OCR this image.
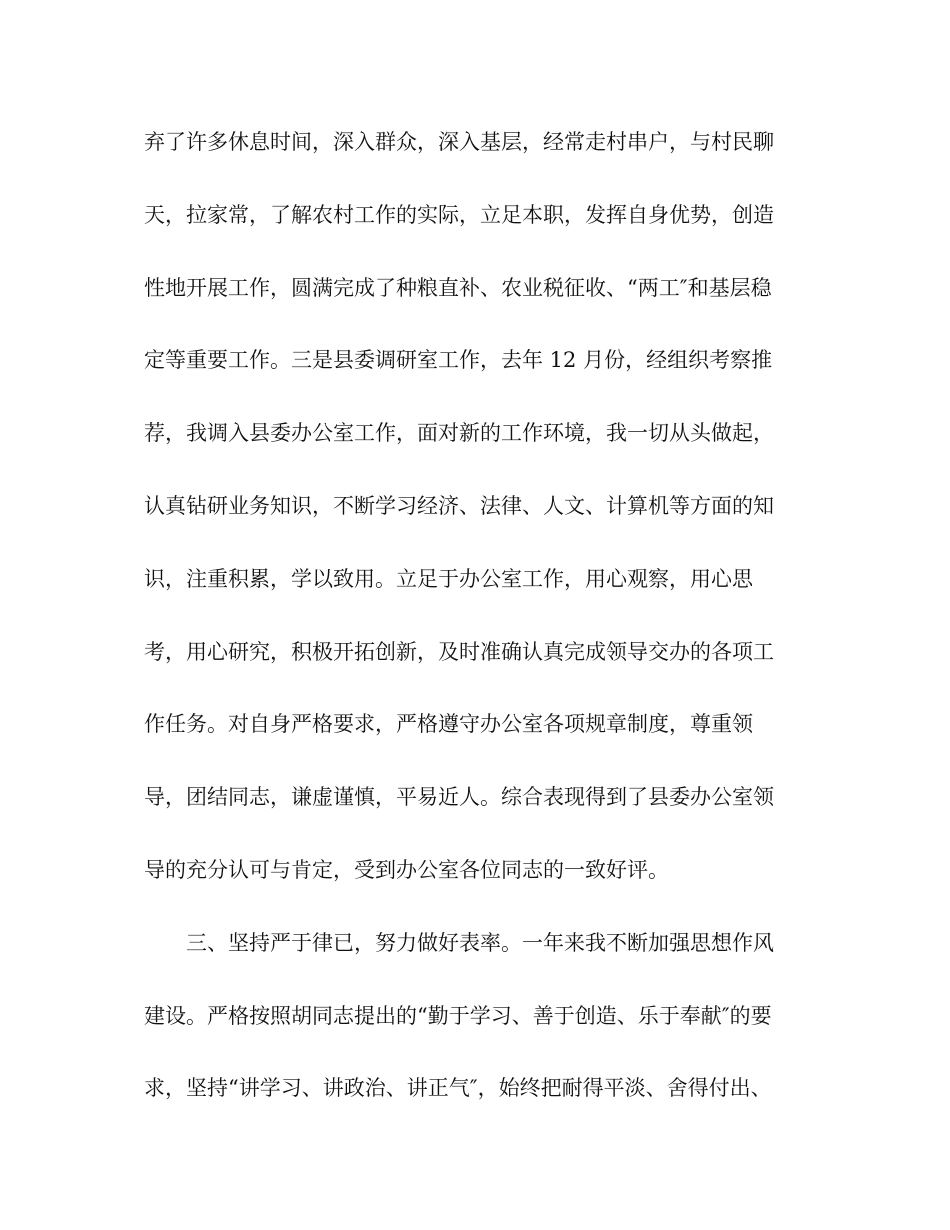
弃了许多休息时间，深入群众，深入基层，经常走村串户，与村民聊
天，拉家常，了解农村工作的实际，立足本职，发挥自身优势，创造
性地开展工作，圆满完成了种粮直补、农业税征收、“两工″和基层稳
定等重要工作。三是县委调研室工作，去年 12 月份，经组织考察推
荐，我调入县委办公室工作，面对新的工作环境，我一切从头做起，
认真钻研业务知识，不断学习经济、法律、人文、计算机等方面的知
识，注重积累，学以致用。立足于办公室工作，用心观察，用心思
考，用心研究，积极开拓创新，及时准确认真完成领导交办的各项工
作任务。对自身严格要求，严格遵守办公室各项规章制度，尊重领
导，团结同志，谦虚谨慎，平易近人。综合表现得到了县委办公室领
导的充分认可与肯定，受到办公室各位同志的一致好评。
三、坚持严于律已，努力做好表率。一年来我不断加强思想作风
建设。严格按照胡同志提出的“勤于学习、善于创造、乐于奉献″的要
求，坚持“讲学习、讲政治、讲正气″，始终把耐得平淡、舍得付出、
